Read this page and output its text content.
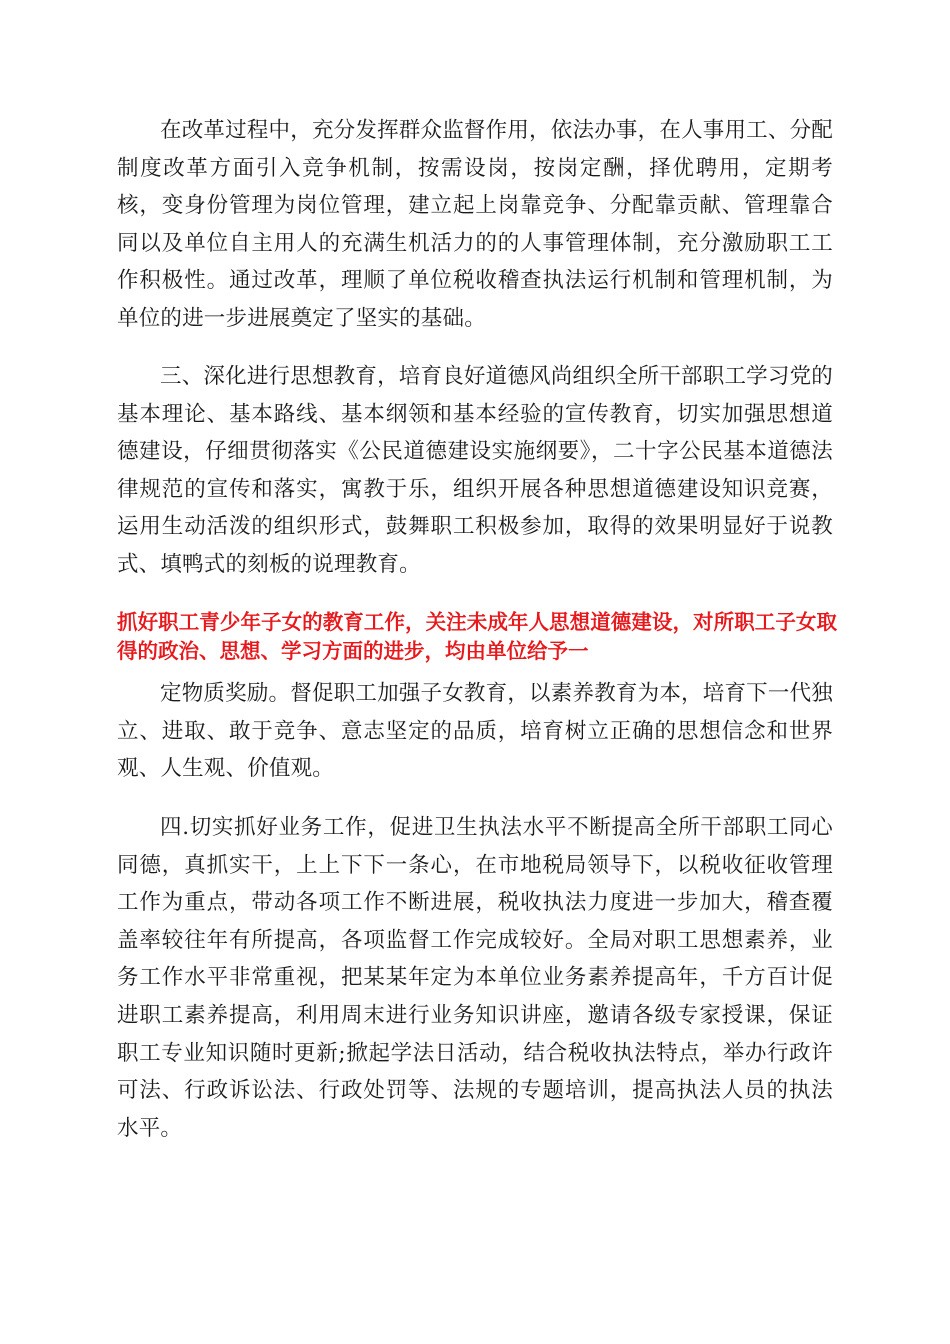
在改革过程中，充分发挥群众监督作用，依法办事，在人事用工、分配制度改革方面引入竞争机制，按需设岗，按岗定酬，择优聘用，定期考核，变身份管理为岗位管理，建立起上岗靠竞争、分配靠贡献、管理靠合同以及单位自主用人的充满生机活力的的人事管理体制，充分激励职工工作积极性。通过改革，理顺了单位税收稽查执法运行机制和管理机制，为单位的进一步进展奠定了坚实的基础。

三、深化进行思想教育，培育良好道德风尚组织全所干部职工学习党的基本理论、基本路线、基本纲领和基本经验的宣传教育，切实加强思想道德建设，仔细贯彻落实《公民道德建设实施纲要》，二十字公民基本道德法律规范的宣传和落实，寓教于乐，组织开展各种思想道德建设知识竞赛，运用生动活泼的组织形式，鼓舞职工积极参加，取得的效果明显好于说教式、填鸭式的刻板的说理教育。

抓好职工青少年子女的教育工作，关注未成年人思想道德建设，对所职工子女取得的政治、思想、学习方面的进步，均由单位给予一

定物质奖励。督促职工加强子女教育，以素养教育为本，培育下一代独立、进取、敢于竞争、意志坚定的品质，培育树立正确的思想信念和世界观、人生观、价值观。

四.切实抓好业务工作，促进卫生执法水平不断提高全所干部职工同心同德，真抓实干，上上下下一条心，在市地税局领导下，以税收征收管理工作为重点，带动各项工作不断进展，税收执法力度进一步加大，稽查覆盖率较往年有所提高，各项监督工作完成较好。全局对职工思想素养，业务工作水平非常重视，把某某年定为本单位业务素养提高年，千方百计促进职工素养提高，利用周末进行业务知识讲座，邀请各级专家授课，保证职工专业知识随时更新;掀起学法日活动，结合税收执法特点，举办行政许可法、行政诉讼法、行政处罚等、法规的专题培训，提高执法人员的执法水平。
